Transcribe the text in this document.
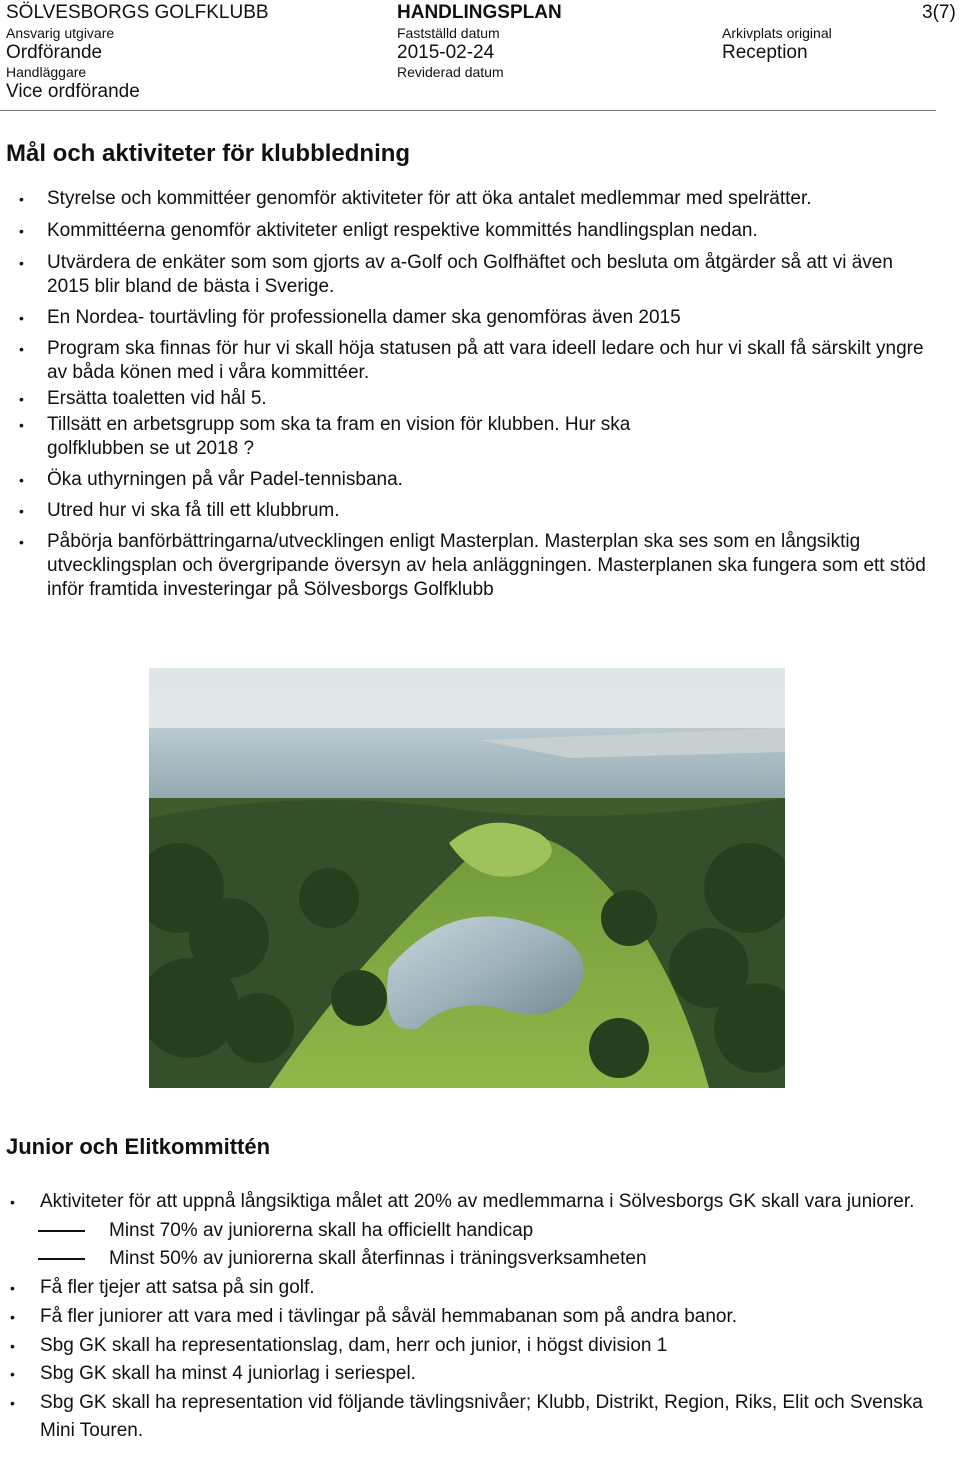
SÖLVESBORGS GOLFKLUBB	HANDLINGSPLAN	3(7)
Ansvarig utgivare	Fastställd datum	Arkivplats original
Ordförande	2015-02-24	Reception
Handläggare	Reviderad datum
Vice ordförande
Mål och aktiviteter för klubbledning
• Styrelse och kommittéer genomför aktiviteter för att öka antalet medlemmar med spelrätter.
• Kommittéerna genomför aktiviteter enligt respektive kommittés handlingsplan nedan.
• Utvärdera de enkäter som som gjorts av a-Golf och Golfhäftet och besluta om åtgärder så att vi även 2015 blir bland de bästa i Sverige.
• En Nordea- tourtävling för professionella damer ska genomföras även 2015
• Program ska finnas för hur vi skall höja statusen på att vara ideell ledare och hur vi skall få särskilt yngre av båda könen med i våra kommittéer.
• Ersätta toaletten vid hål 5.
• Tillsätt en arbetsgrupp som ska ta fram en vision för klubben. Hur ska golfklubben se ut 2018 ?
• Öka uthyrningen på vår Padel-tennisbana.
• Utred hur vi ska få till ett klubbrum.
• Påbörja banförbättringarna/utvecklingen enligt Masterplan. Masterplan ska ses som en långsiktig utvecklingsplan och övergripande översyn av hela anläggningen. Masterplanen ska fungera som ett stöd inför framtida investeringar på Sölvesborgs Golfklubb
Junior och Elitkommittén
• Aktiviteter för att uppnå långsiktiga målet att 20% av medlemmarna i Sölvesborgs GK skall vara juniorer.
Minst 70% av juniorerna skall ha officiellt handicap
Minst 50% av juniorerna skall återfinnas i träningsverksamheten
• Få fler tjejer att satsa på sin golf.
• Få fler juniorer att vara med i tävlingar på såväl hemmabanan som på andra banor.
• Sbg GK skall ha representationslag, dam, herr och junior, i högst division 1
• Sbg GK skall ha minst 4 juniorlag i seriespel.
• Sbg GK skall ha representation vid följande tävlingsnivåer; Klubb, Distrikt, Region, Riks, Elit och Svenska Mini Touren.
